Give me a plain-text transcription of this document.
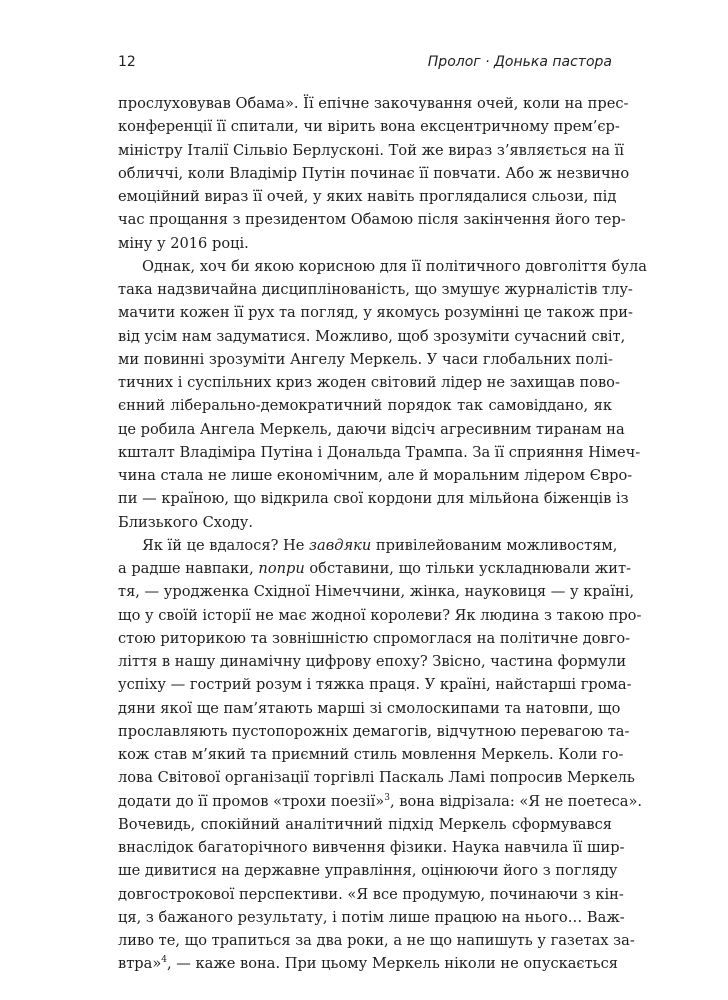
12	Пролог · Донька пастора
прослуховував Обама». Її епічне закочування очей, коли на прес-
конференції її спитали, чи вірить вона ексцентричному прем’єр-
міністру Італії Сільвіо Берлусконі. Той же вираз з’являється на її
обличчі, коли Владімір Путін починає її повчати. Або ж незвично
емоційний вираз її очей, у яких навіть проглядалися сльози, під
час прощання з президентом Обамою після закінчення його тер-
міну у 2016 році.
Однак, хоч би якою корисною для її політичного довголіття була
така надзвичайна дисциплінованість, що змушує журналістів тлу-
мачити кожен її рух та погляд, у якомусь розумінні це також при-
від усім нам задуматися. Можливо, щоб зрозуміти сучасний світ,
ми повинні зрозуміти Ангелу Меркель. У часи глобальних полі-
тичних і суспільних криз жоден світовий лідер не захищав пово-
єнний ліберально-демократичний порядок так самовіддано, як
це робила Ангела Меркель, даючи відсіч агресивним тиранам на
кшталт Владіміра Путіна і Дональда Трампа. За її сприяння Німеч-
чина стала не лише економічним, але й моральним лідером Євро-
пи — країною, що відкрила свої кордони для мільйона біженців із
Близького Сходу.
Як їй це вдалося? Не завдяки привілейованим можливостям,
а радше навпаки, попри обставини, що тільки ускладнювали жит-
тя, — уродженка Східної Німеччини, жінка, науковиця — у країні,
що у своїй історії не має жодної королеви? Як людина з такою про-
стою риторикою та зовнішністю спромоглася на політичне довго-
ліття в нашу динамічну цифрову епоху? Звісно, частина формули
успіху — гострий розум і тяжка праця. У країні, найстарші грома-
дяни якої ще пам’ятають марші зі смолоскипами та натовпи, що
прославляють пустопорожніх демагогів, відчутною перевагою та-
кож став м’який та приємний стиль мовлення Меркель. Коли го-
лова Світової організації торгівлі Паскаль Ламі попросив Меркель
додати до її промов «трохи поезії»$^3$, вона відрізала: «Я не поетеса».
Вочевидь, спокійний аналітичний підхід Меркель сформувався
внаслідок багаторічного вивчення фізики. Наука навчила її шир-
ше дивитися на державне управління, оцінюючи його з погляду
довгострокової перспективи. «Я все продумую, починаючи з кін-
ця, з бажаного результату, і потім лише працюю на нього… Важ-
ливо те, що трапиться за два роки, а не що напишуть у газетах за-
втра»$^4$, — каже вона. При цьому Меркель ніколи не опускається
